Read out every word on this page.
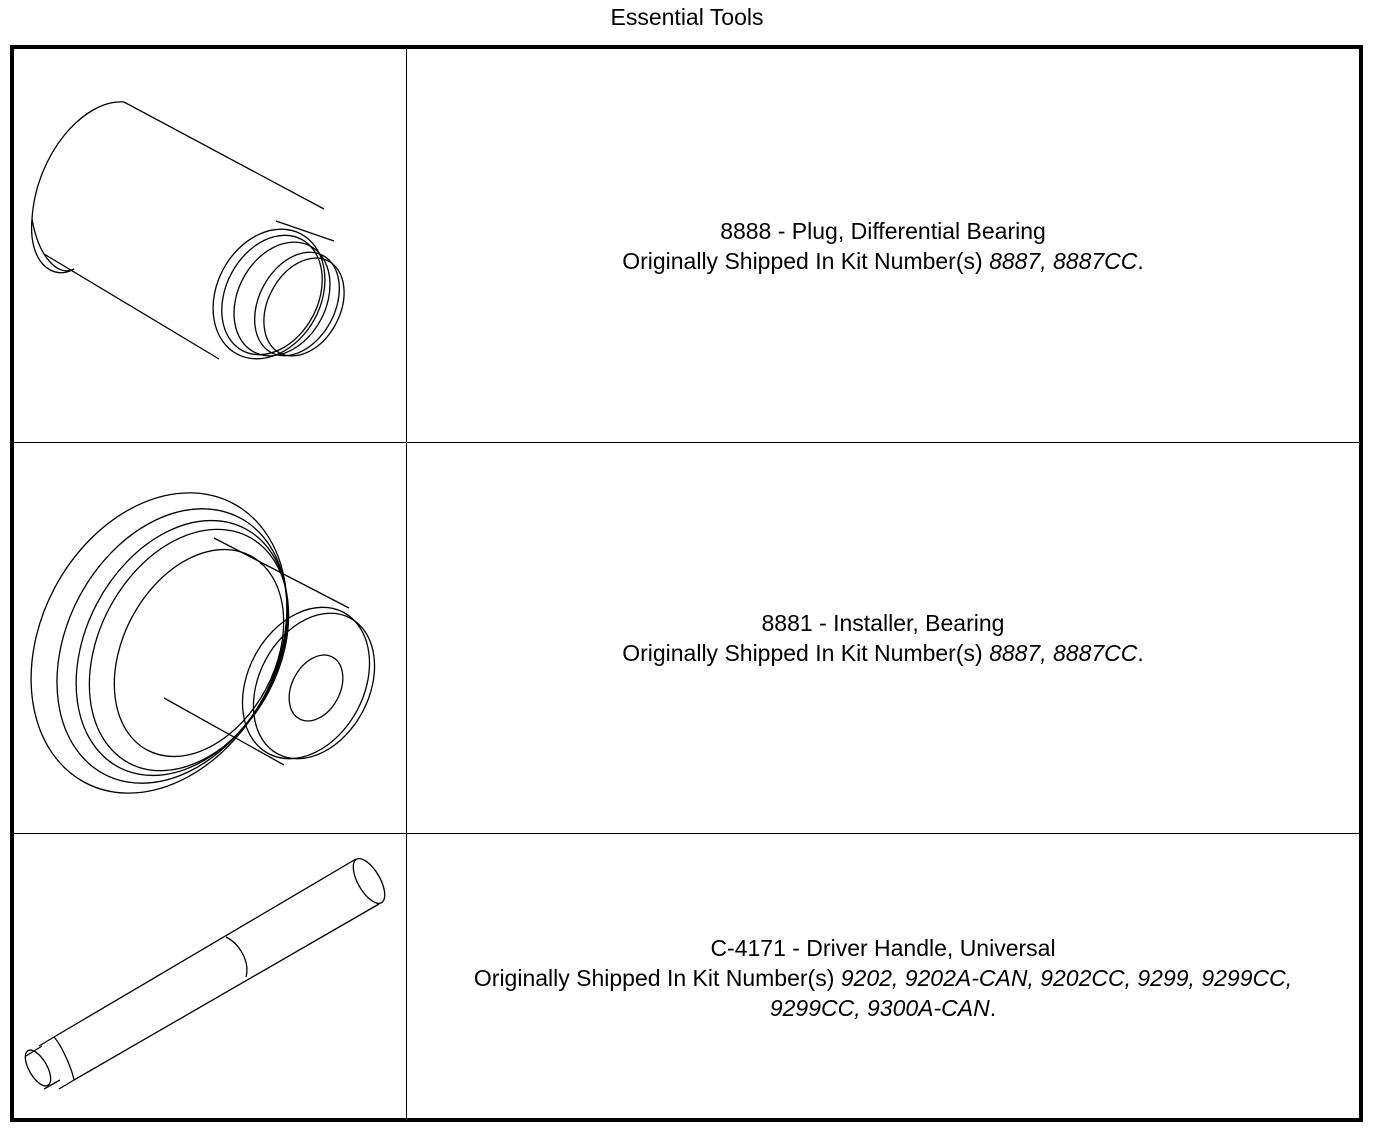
Essential Tools
8888 - Plug, Differential Bearing
Originally Shipped In Kit Number(s) 8887, 8887CC.
8881 - Installer, Bearing
Originally Shipped In Kit Number(s) 8887, 8887CC.
C-4171 - Driver Handle, Universal
Originally Shipped In Kit Number(s) 9202, 9202A-CAN, 9202CC, 9299, 9299CC, 9299CC, 9300A-CAN.
